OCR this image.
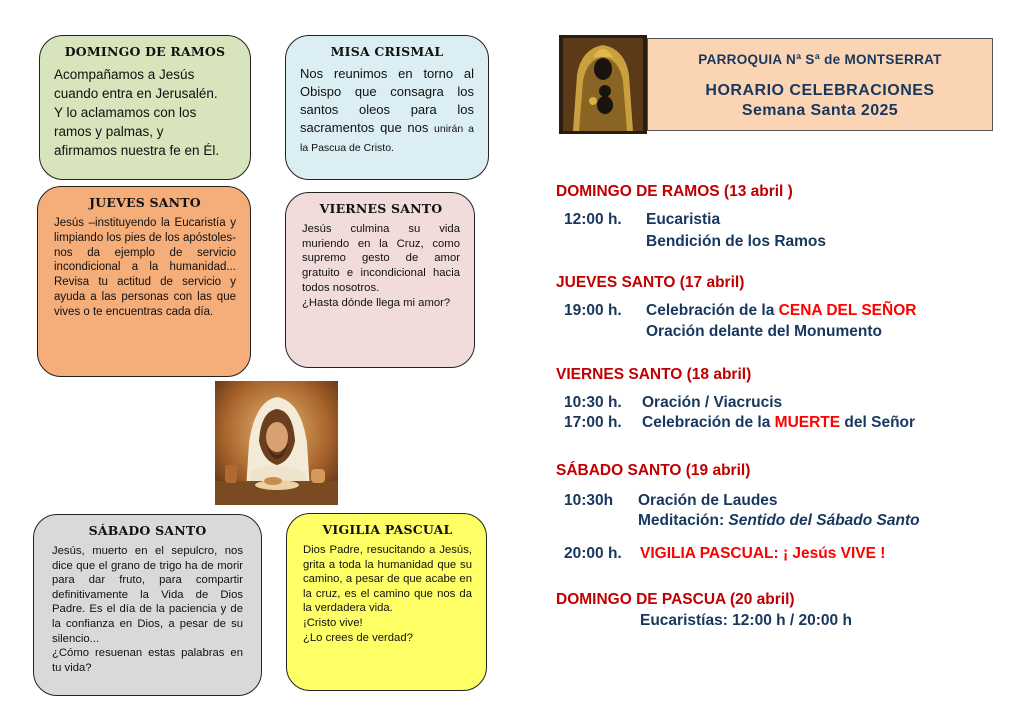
DOMINGO DE RAMOS

Acompañamos a Jesús
cuando entra en Jerusalén.
Y lo aclamamos con los
ramos y palmas, y
afirmamos nuestra fe en Él.

MISA CRISMAL

Nos reunimos en torno al Obispo que consagra los santos oleos para los sacramentos que nos unirán a la Pascua de Cristo.

JUEVES SANTO

Jesús –instituyendo la Eucaristía y limpiando los pies de los apóstoles- nos da ejemplo de servicio incondicional a la humanidad... Revisa tu actitud de servicio y ayuda a las personas con las que vives o te encuentras cada día.

VIERNES SANTO

Jesús culmina su vida muriendo en la Cruz, como supremo gesto de amor gratuito e incondicional hacia todos nosotros.
¿Hasta dónde llega mi amor?

SÁBADO SANTO

Jesús, muerto en el sepulcro, nos dice que el grano de trigo ha de morir para dar fruto, para compartir definitivamente la Vida de Dios Padre. Es el día de la paciencia y de la confianza en Dios, a pesar de su silencio...
¿Cómo resuenan estas palabras en tu vida?

VIGILIA PASCUAL

Dios Padre, resucitando a Jesús, grita a toda la humanidad que su camino, a pesar de que acabe en la cruz, es el camino que nos da la verdadera vida.
¡Cristo vive!
¿Lo crees de verdad?

PARROQUIA Nª Sª de MONTSERRAT
HORARIO CELEBRACIONES
Semana Santa 2025
DOMINGO DE RAMOS (13 abril )
12:00 h. Eucaristia
Bendición de los Ramos
JUEVES SANTO (17 abril)
19:00 h. Celebración de la CENA DEL SEÑOR
Oración delante del Monumento
VIERNES SANTO (18 abril)
10:30 h. Oración / Viacrucis
17:00 h. Celebración de la MUERTE del Señor
SÁBADO SANTO (19 abril)
10:30h Oración de Laudes
Meditación: Sentido del Sábado Santo
20:00 h. VIGILIA PASCUAL: ¡ Jesús VIVE !
DOMINGO DE PASCUA (20 abril)
Eucaristías: 12:00 h / 20:00 h
